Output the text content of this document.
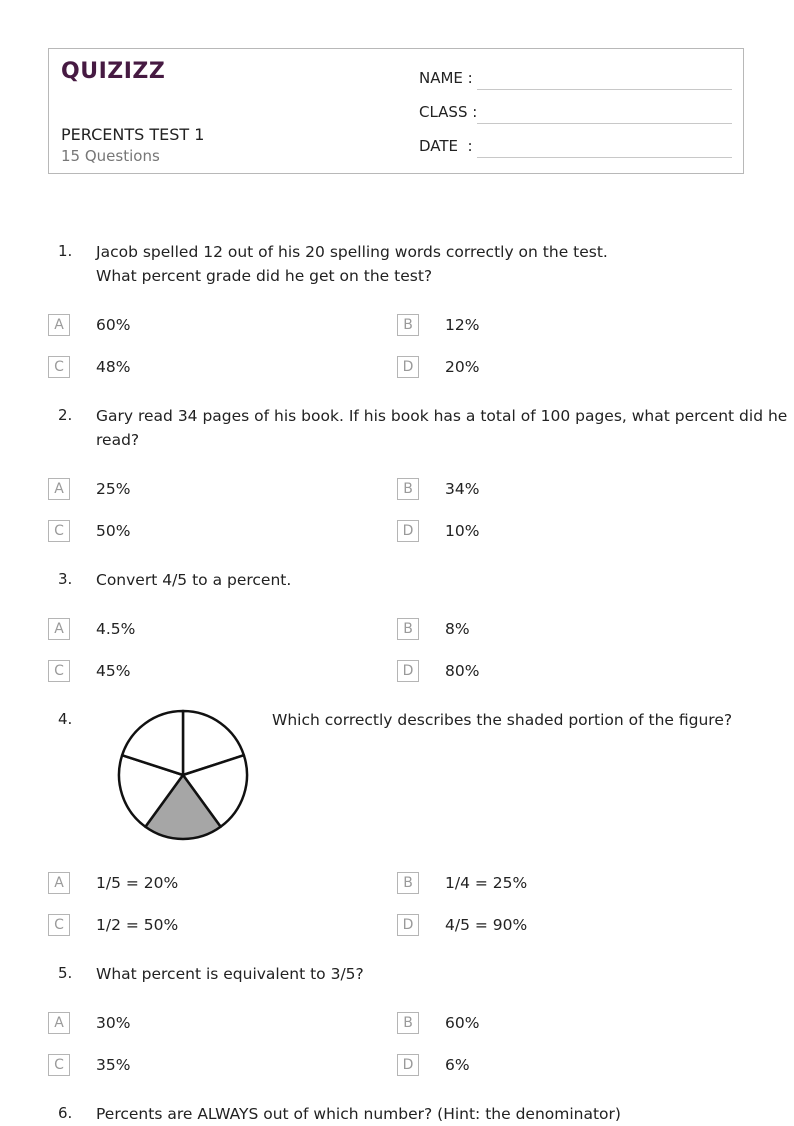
QUIZIZZ
PERCENTS TEST 1
15 Questions
NAME :
CLASS :
DATE  :
1. Jacob spelled 12 out of his 20 spelling words correctly on the test.
What percent grade did he get on the test?
A	60%	B	12%
C	48%	D	20%
2. Gary read 34 pages of his book. If his book has a total of 100 pages, what percent did he
read?
A	25%	B	34%
C	50%	D	10%
3. Convert 4/5 to a percent.
A	4.5%	B	8%
C	45%	D	80%
4.	Which correctly describes the shaded portion of the figure?
A	1/5 = 20%	B	1/4 = 25%
C	1/2 = 50%	D	4/5 = 90%
5. What percent is equivalent to 3/5?
A	30%	B	60%
C	35%	D	6%
6. Percents are ALWAYS out of which number? (Hint: the denominator)
